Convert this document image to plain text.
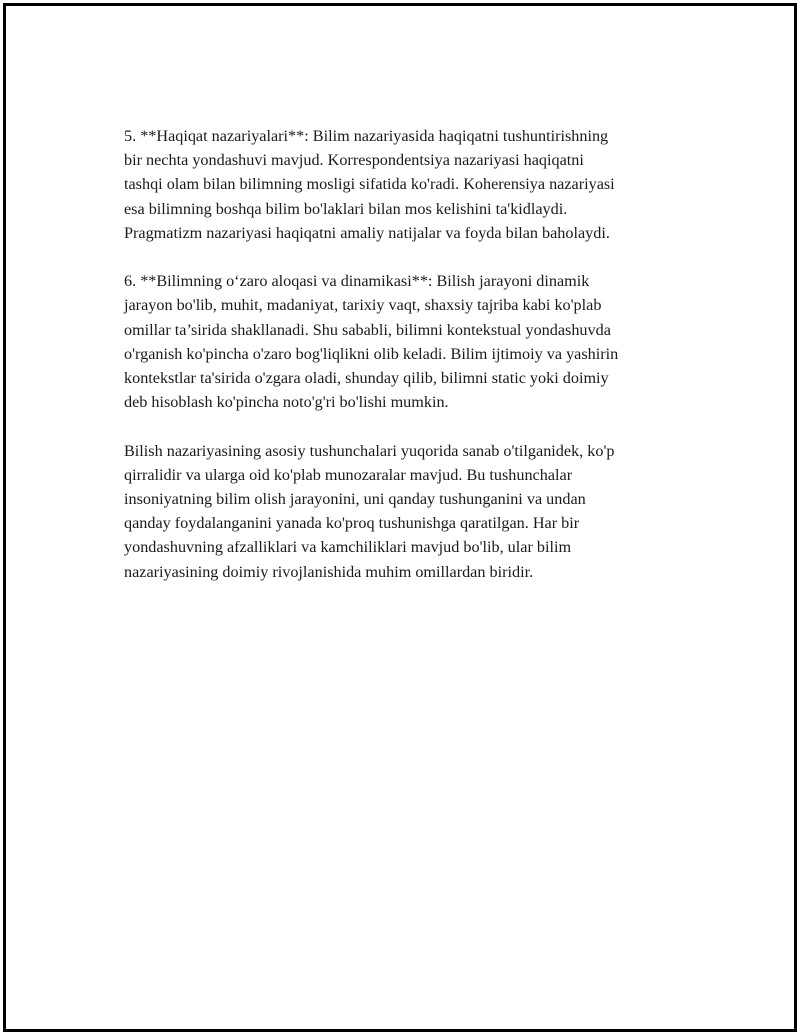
5. **Haqiqat nazariyalari**: Bilim nazariyasida haqiqatni tushuntirishning
bir nechta yondashuvi mavjud. Korrespondentsiya nazariyasi haqiqatni
tashqi olam bilan bilimning mosligi sifatida ko'radi. Koherensiya nazariyasi
esa bilimning boshqa bilim bo'laklari bilan mos kelishini ta'kidlaydi.
Pragmatizm nazariyasi haqiqatni amaliy natijalar va foyda bilan baholaydi.

6. **Bilimning o‘zaro aloqasi va dinamikasi**: Bilish jarayoni dinamik
jarayon bo'lib, muhit, madaniyat, tarixiy vaqt, shaxsiy tajriba kabi ko'plab
omillar ta’sirida shakllanadi. Shu sababli, bilimni kontekstual yondashuvda
o'rganish ko'pincha o'zaro bog'liqlikni olib keladi. Bilim ijtimoiy va yashirin
kontekstlar ta'sirida o'zgara oladi, shunday qilib, bilimni static yoki doimiy
deb hisoblash ko'pincha noto'g'ri bo'lishi mumkin.

Bilish nazariyasining asosiy tushunchalari yuqorida sanab o'tilganidek, ko'p
qirralidir va ularga oid ko'plab munozaralar mavjud. Bu tushunchalar
insoniyatning bilim olish jarayonini, uni qanday tushunganini va undan
qanday foydalanganini yanada ko'proq tushunishga qaratilgan. Har bir
yondashuvning afzalliklari va kamchiliklari mavjud bo'lib, ular bilim
nazariyasining doimiy rivojlanishida muhim omillardan biridir.
